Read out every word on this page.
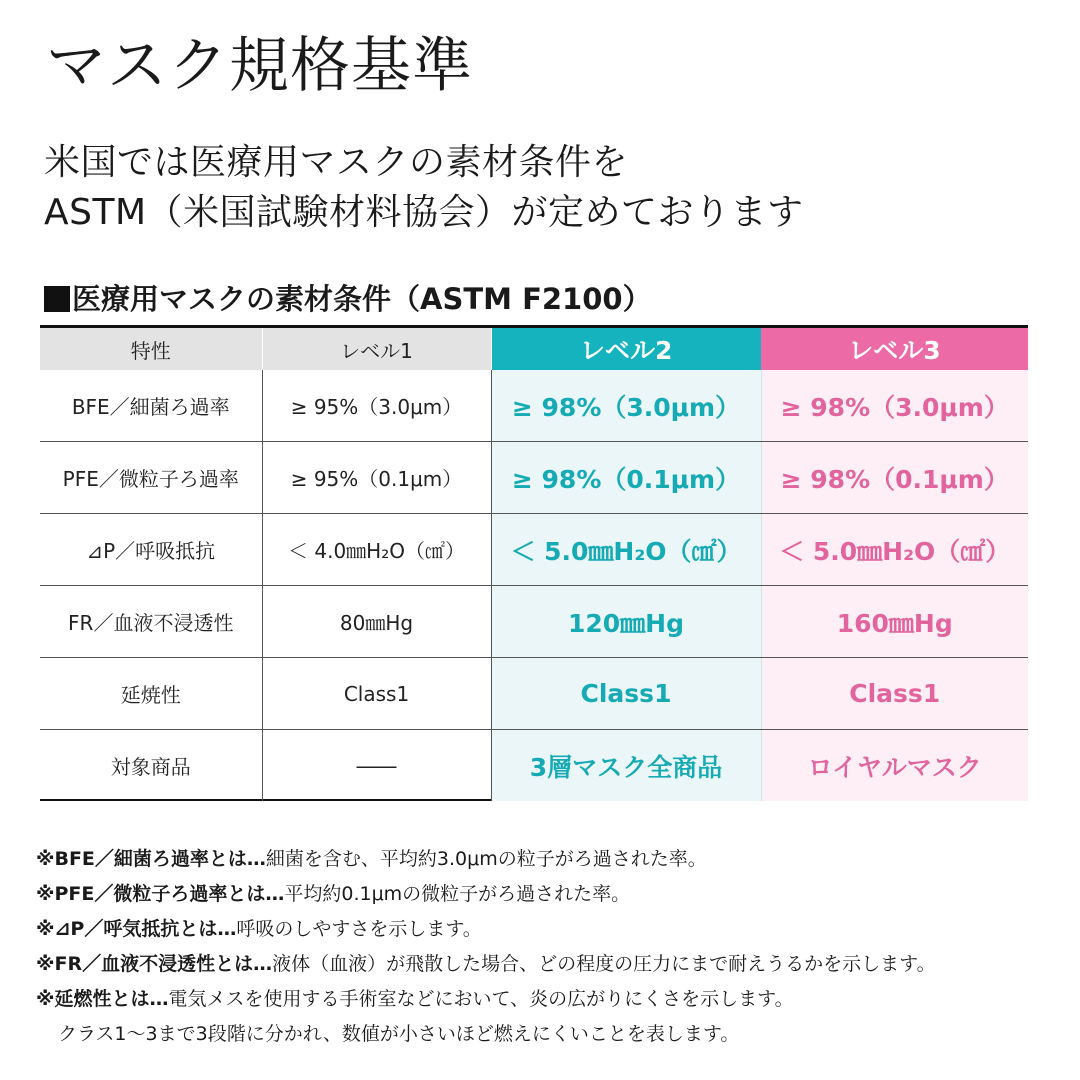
マスク規格基準
米国では医療用マスクの素材条件を
ASTM（米国試験材料協会）が定めております
医療用マスクの素材条件（ASTM F2100）
特性	レベル1	レベル2	レベル3
BFE／細菌ろ過率	≥ 95%（3.0μm）	≥ 98%（3.0μm）	≥ 98%（3.0μm）
PFE／微粒子ろ過率	≥ 95%（0.1μm）	≥ 98%（0.1μm）	≥ 98%（0.1μm）
⊿P／呼吸抵抗	＜ 4.0㎜H₂O（㎠）	＜ 5.0㎜H₂O（㎠）	＜ 5.0㎜H₂O（㎠）
FR／血液不浸透性	80㎜Hg	120㎜Hg	160㎜Hg
延焼性	Class1	Class1	Class1
対象商品	――	3層マスク全商品	ロイヤルマスク
※BFE／細菌ろ過率とは…細菌を含む、平均約3.0μmの粒子がろ過された率。
※PFE／微粒子ろ過率とは…平均約0.1μmの微粒子がろ過された率。
※⊿P／呼気抵抗とは…呼吸のしやすさを示します。
※FR／血液不浸透性とは…液体（血液）が飛散した場合、どの程度の圧力にまで耐えうるかを示します。
※延燃性とは…電気メスを使用する手術室などにおいて、炎の広がりにくさを示します。
クラス1〜3まで3段階に分かれ、数値が小さいほど燃えにくいことを表します。
